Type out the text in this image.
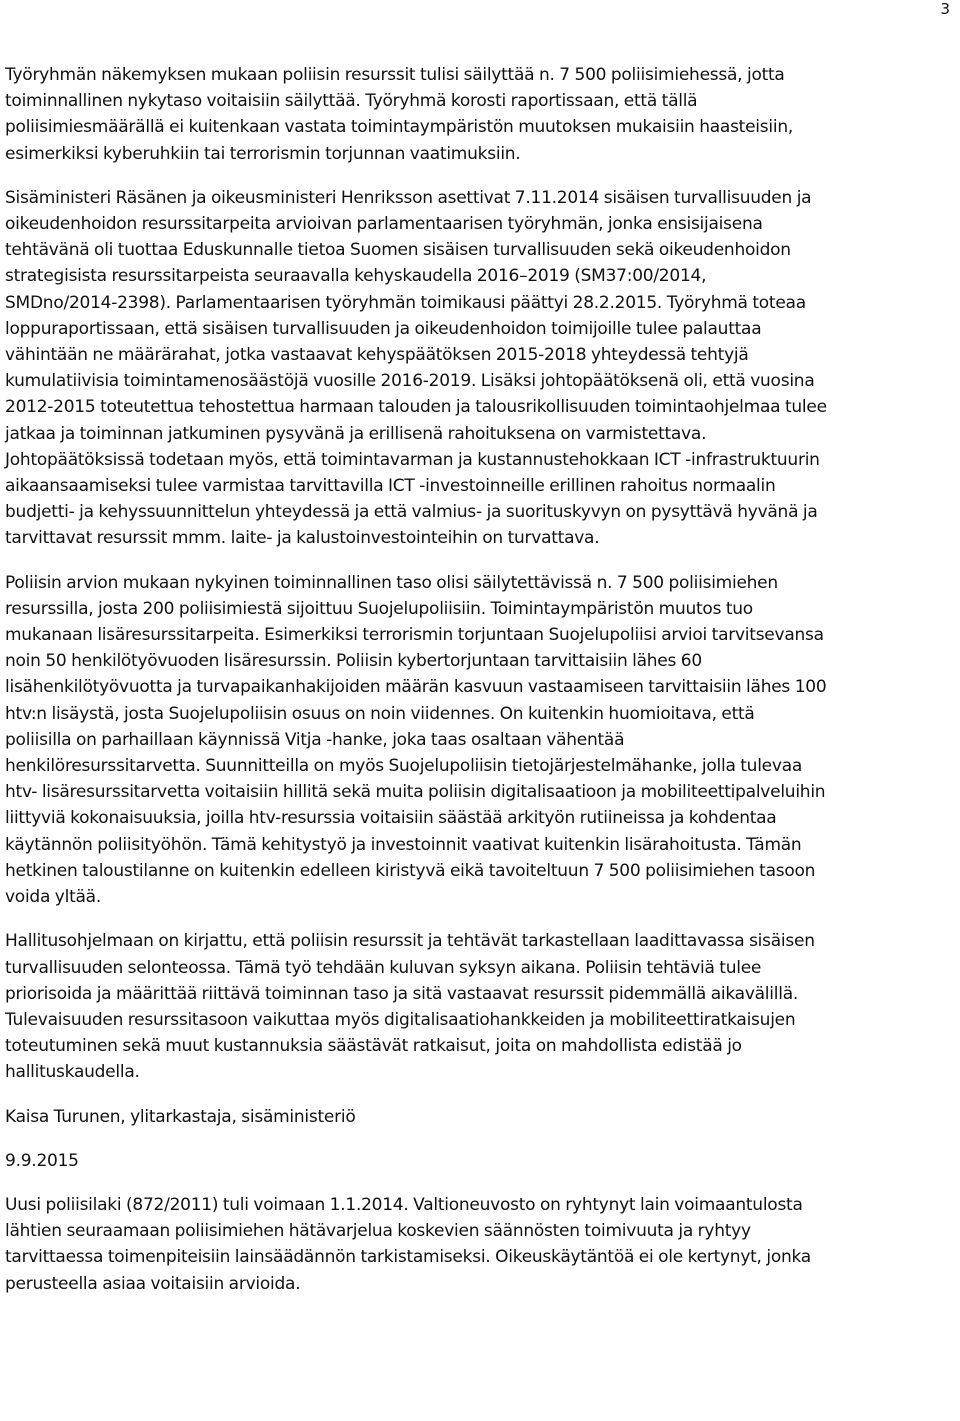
3

Työryhmän näkemyksen mukaan poliisin resurssit tulisi säilyttää n. 7 500 poliisimiehessä, jotta
toiminnallinen nykytaso voitaisiin säilyttää. Työryhmä korosti raportissaan, että tällä
poliisimiesmäärällä ei kuitenkaan vastata toimintaympäristön muutoksen mukaisiin haasteisiin,
esimerkiksi kyberuhkiin tai terrorismin torjunnan vaatimuksiin.

Sisäministeri Räsänen ja oikeusministeri Henriksson asettivat 7.11.2014 sisäisen turvallisuuden ja
oikeudenhoidon resurssitarpeita arvioivan parlamentaarisen työryhmän, jonka ensisijaisena
tehtävänä oli tuottaa Eduskunnalle tietoa Suomen sisäisen turvallisuuden sekä oikeudenhoidon
strategisista resurssitarpeista seuraavalla kehyskaudella 2016–2019 (SM37:00/2014,
SMDno/2014-2398). Parlamentaarisen työryhmän toimikausi päättyi 28.2.2015. Työryhmä toteaa
loppuraportissaan, että sisäisen turvallisuuden ja oikeudenhoidon toimijoille tulee palauttaa
vähintään ne määrärahat, jotka vastaavat kehyspäätöksen 2015-2018 yhteydessä tehtyjä
kumulatiivisia toimintamenosäästöjä vuosille 2016-2019. Lisäksi johtopäätöksenä oli, että vuosina
2012-2015 toteutettua tehostettua harmaan talouden ja talousrikollisuuden toimintaohjelmaa tulee
jatkaa ja toiminnan jatkuminen pysyvänä ja erillisenä rahoituksena on varmistettava.
Johtopäätöksissä todetaan myös, että toimintavarman ja kustannustehokkaan ICT -infrastruktuurin
aikaansaamiseksi tulee varmistaa tarvittavilla ICT -investoinneille erillinen rahoitus normaalin
budjetti- ja kehyssuunnittelun yhteydessä ja että valmius- ja suorituskyvyn on pysyttävä hyvänä ja
tarvittavat resurssit mmm. laite- ja kalustoinvestointeihin on turvattava.

Poliisin arvion mukaan nykyinen toiminnallinen taso olisi säilytettävissä n. 7 500 poliisimiehen
resurssilla, josta 200 poliisimiestä sijoittuu Suojelupoliisiin. Toimintaympäristön muutos tuo
mukanaan lisäresurssitarpeita. Esimerkiksi terrorismin torjuntaan Suojelupoliisi arvioi tarvitsevansa
noin 50 henkilötyövuoden lisäresurssin. Poliisin kybertorjuntaan tarvittaisiin lähes 60
lisähenkilötyövuotta ja turvapaikanhakijoiden määrän kasvuun vastaamiseen tarvittaisiin lähes 100
htv:n lisäystä, josta Suojelupoliisin osuus on noin viidennes. On kuitenkin huomioitava, että
poliisilla on parhaillaan käynnissä Vitja -hanke, joka taas osaltaan vähentää
henkilöresurssitarvetta. Suunnitteilla on myös Suojelupoliisin tietojärjestelmähanke, jolla tulevaa
htv- lisäresurssitarvetta voitaisiin hillitä sekä muita poliisin digitalisaatioon ja mobiliteettipalveluihin
liittyviä kokonaisuuksia, joilla htv-resurssia voitaisiin säästää arkityön rutiineissa ja kohdentaa
käytännön poliisityöhön. Tämä kehitystyö ja investoinnit vaativat kuitenkin lisärahoitusta. Tämän
hetkinen taloustilanne on kuitenkin edelleen kiristyvä eikä tavoiteltuun 7 500 poliisimiehen tasoon
voida yltää.

Hallitusohjelmaan on kirjattu, että poliisin resurssit ja tehtävät tarkastellaan laadittavassa sisäisen
turvallisuuden selonteossa. Tämä työ tehdään kuluvan syksyn aikana. Poliisin tehtäviä tulee
priorisoida ja määrittää riittävä toiminnan taso ja sitä vastaavat resurssit pidemmällä aikavälillä.
Tulevaisuuden resurssitasoon vaikuttaa myös digitalisaatiohankkeiden ja mobiliteettiratkaisujen
toteutuminen sekä muut kustannuksia säästävät ratkaisut, joita on mahdollista edistää jo
hallituskaudella.

Kaisa Turunen, ylitarkastaja, sisäministeriö

9.9.2015

Uusi poliisilaki (872/2011) tuli voimaan 1.1.2014. Valtioneuvosto on ryhtynyt lain voimaantulosta
lähtien seuraamaan poliisimiehen hätävarjelua koskevien säännösten toimivuuta ja ryhtyy
tarvittaessa toimenpiteisiin lainsäädännön tarkistamiseksi. Oikeuskäytäntöä ei ole kertynyt, jonka
perusteella asiaa voitaisiin arvioida.
